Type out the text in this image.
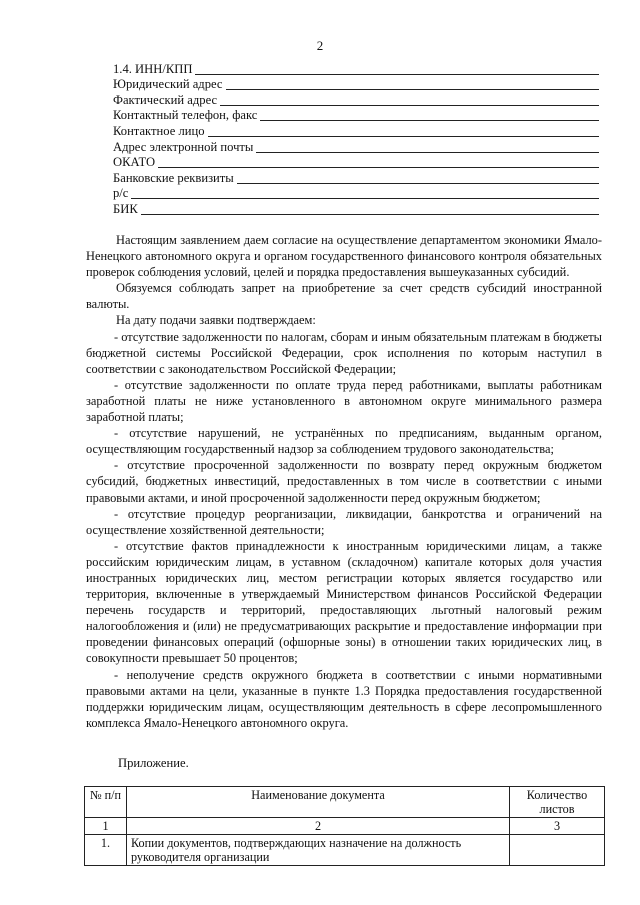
2
1.4. ИНН/КПП
Юридический адрес
Фактический адрес
Контактный телефон, факс
Контактное лицо
Адрес электронной почты
ОКАТО
Банковские реквизиты
р/с
БИК

Настоящим заявлением даем согласие на осуществление департаментом экономики Ямало-Ненецкого автономного округа и органом государственного финансового контроля обязательных проверок соблюдения условий, целей и порядка предоставления вышеуказанных субсидий.

Обязуемся соблюдать запрет на приобретение за счет средств субсидий иностранной валюты.

На дату подачи заявки подтверждаем:

- отсутствие задолженности по налогам, сборам и иным обязательным платежам в бюджеты бюджетной системы Российской Федерации, срок исполнения по которым наступил в соответствии с законодательством Российской Федерации;

- отсутствие задолженности по оплате труда перед работниками, выплаты работникам заработной платы не ниже установленного в автономном округе минимального размера заработной платы;

- отсутствие нарушений, не устранённых по предписаниям, выданным органом, осуществляющим государственный надзор за соблюдением трудового законодательства;

- отсутствие просроченной задолженности по возврату перед окружным бюджетом субсидий, бюджетных инвестиций, предоставленных в том числе в соответствии с иными правовыми актами, и иной просроченной задолженности перед окружным бюджетом;

- отсутствие процедур реорганизации, ликвидации, банкротства и ограничений на осуществление хозяйственной деятельности;

- отсутствие фактов принадлежности к иностранным юридическими лицам, а также российским юридическим лицам, в уставном (складочном) капитале которых доля участия иностранных юридических лиц, местом регистрации которых является государство или территория, включенные в утверждаемый Министерством финансов Российской Федерации перечень государств и территорий, предоставляющих льготный налоговый режим налогообложения и (или) не предусматривающих раскрытие и предоставление информации при проведении финансовых операций (офшорные зоны) в отношении таких юридических лиц, в совокупности превышает 50 процентов;

- неполучение средств окружного бюджета в соответствии с иными нормативными правовыми актами на цели, указанные в пункте 1.3 Порядка предоставления государственной поддержки юридическим лицам, осуществляющим деятельность в сфере лесопромышленного комплекса Ямало-Ненецкого автономного округа.

Приложение.
№ п/п	Наименование документа	Количество листов
1	2	3
1.	Копии документов, подтверждающих назначение на должность руководителя организации	
